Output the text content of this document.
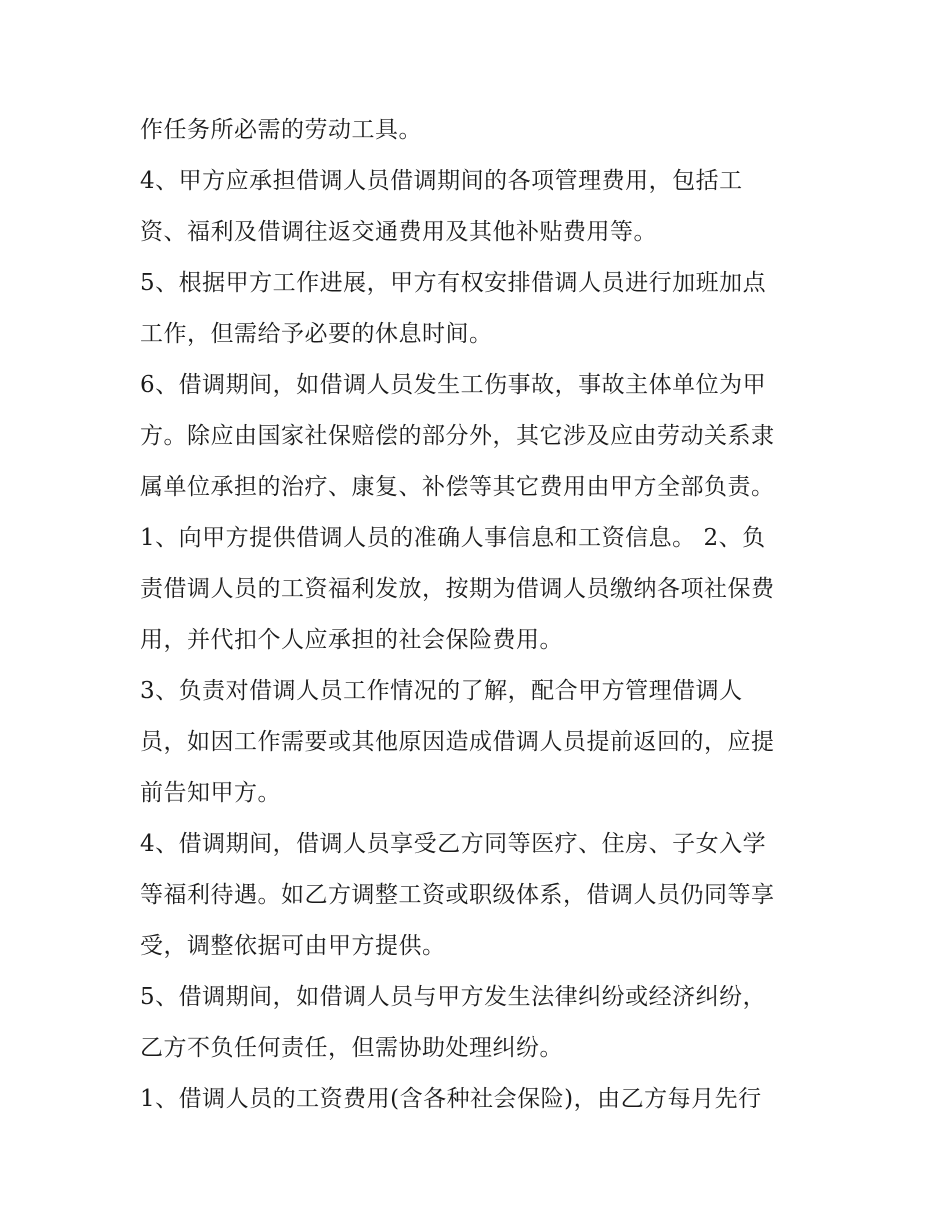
作任务所必需的劳动工具。
4、甲方应承担借调人员借调期间的各项管理费用，包括工
资、福利及借调往返交通费用及其他补贴费用等。
5、根据甲方工作进展，甲方有权安排借调人员进行加班加点
工作，但需给予必要的休息时间。
6、借调期间，如借调人员发生工伤事故，事故主体单位为甲
方。除应由国家社保赔偿的部分外，其它涉及应由劳动关系隶
属单位承担的治疗、康复、补偿等其它费用由甲方全部负责。
1、向甲方提供借调人员的准确人事信息和工资信息。 2、负
责借调人员的工资福利发放，按期为借调人员缴纳各项社保费
用，并代扣个人应承担的社会保险费用。
3、负责对借调人员工作情况的了解，配合甲方管理借调人
员，如因工作需要或其他原因造成借调人员提前返回的，应提
前告知甲方。
4、借调期间，借调人员享受乙方同等医疗、住房、子女入学
等福利待遇。如乙方调整工资或职级体系，借调人员仍同等享
受，调整依据可由甲方提供。
5、借调期间，如借调人员与甲方发生法律纠纷或经济纠纷，
乙方不负任何责任，但需协助处理纠纷。
1、借调人员的工资费用(含各种社会保险)，由乙方每月先行
